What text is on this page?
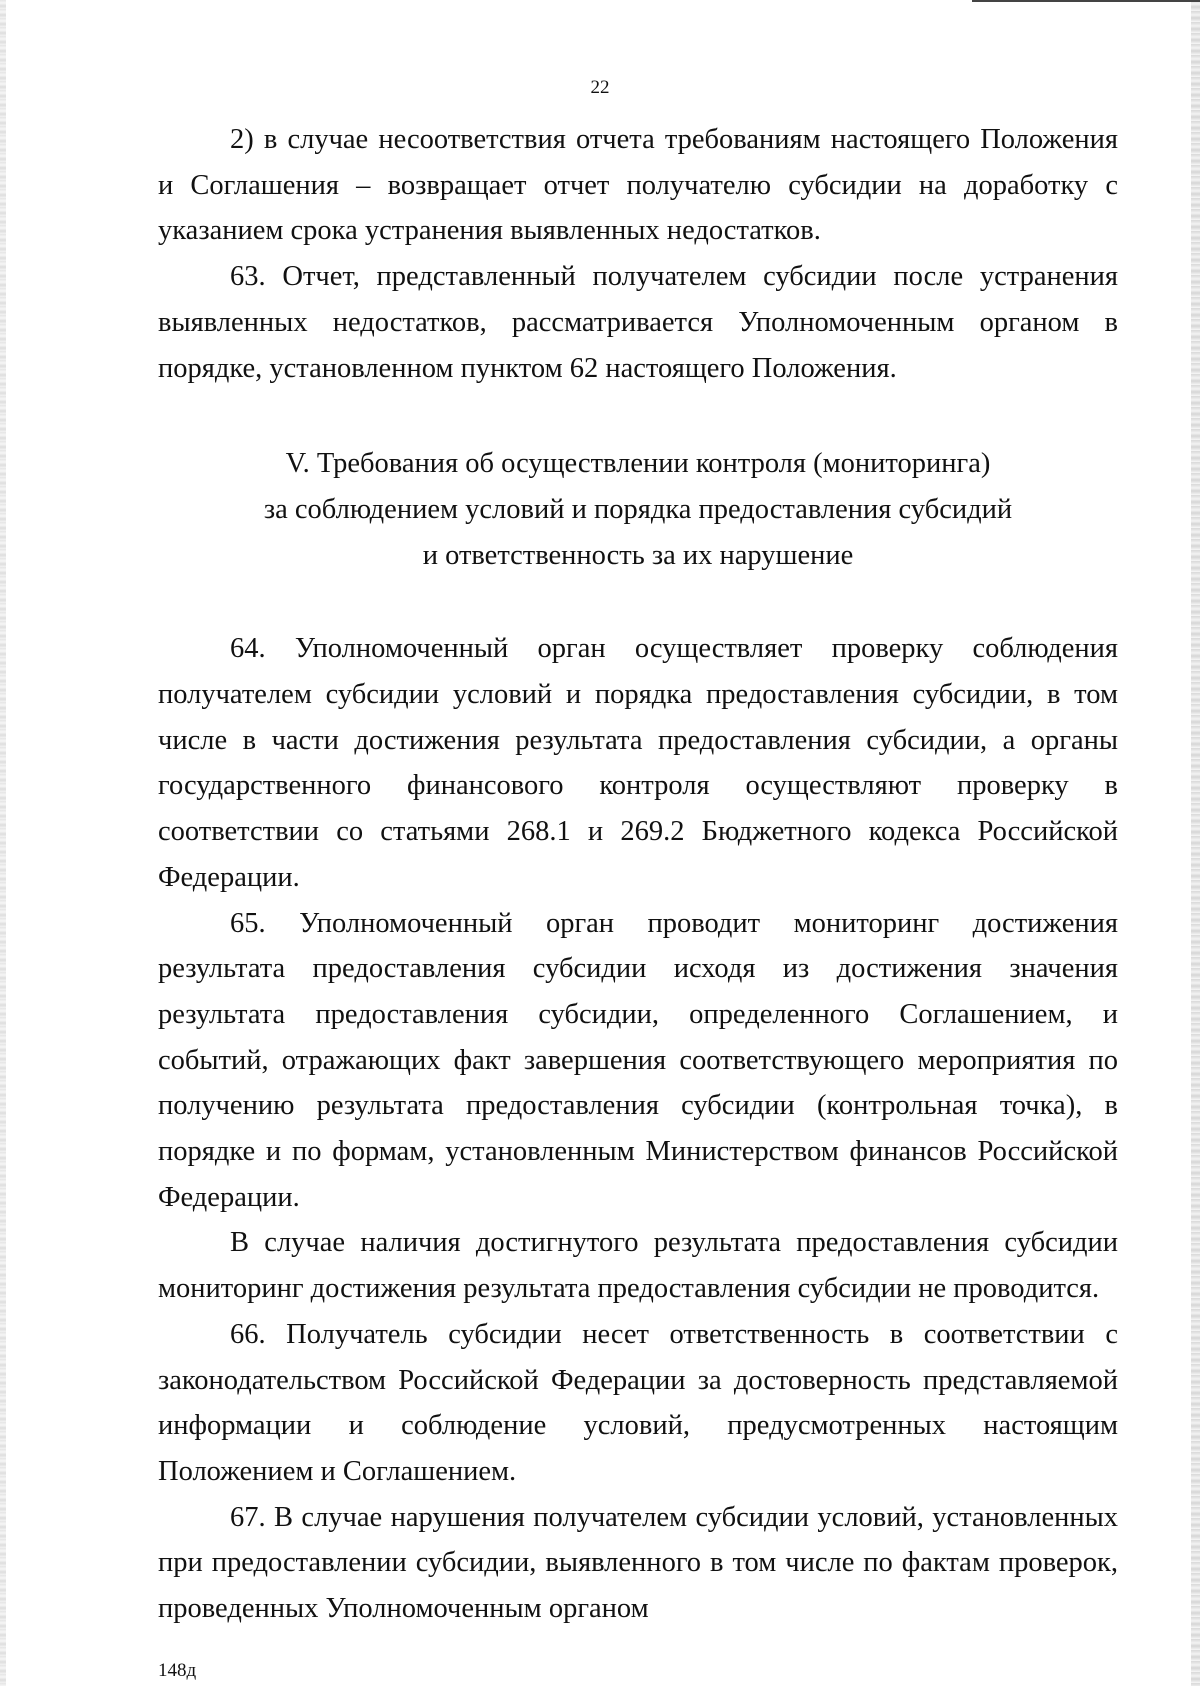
22

2) в случае несоответствия отчета требованиям настоящего Положения и Соглашения – возвращает отчет получателю субсидии на доработку с указанием срока устранения выявленных недостатков.

63. Отчет, представленный получателем субсидии после устранения выявленных недостатков, рассматривается Уполномоченным органом в порядке, установленном пунктом 62 настоящего Положения.

V. Требования об осуществлении контроля (мониторинга)
за соблюдением условий и порядка предоставления субсидий
и ответственность за их нарушение

64. Уполномоченный орган осуществляет проверку соблюдения получателем субсидии условий и порядка предоставления субсидии, в том числе в части достижения результата предоставления субсидии, а органы государственного финансового контроля осуществляют проверку в соответствии со статьями 268.1 и 269.2 Бюджетного кодекса Российской Федерации.

65. Уполномоченный орган проводит мониторинг достижения результата предоставления субсидии исходя из достижения значения результата предоставления субсидии, определенного Соглашением, и событий, отражающих факт завершения соответствующего мероприятия по получению результата предоставления субсидии (контрольная точка), в порядке и по формам, установленным Министерством финансов Российской Федерации.

В случае наличия достигнутого результата предоставления субсидии мониторинг достижения результата предоставления субсидии не проводится.

66. Получатель субсидии несет ответственность в соответствии с законодательством Российской Федерации за достоверность представляемой информации и соблюдение условий, предусмотренных настоящим Положением и Соглашением.

67. В случае нарушения получателем субсидии условий, установленных при предоставлении субсидии, выявленного в том числе по фактам проверок, проведенных Уполномоченным органом

148д
